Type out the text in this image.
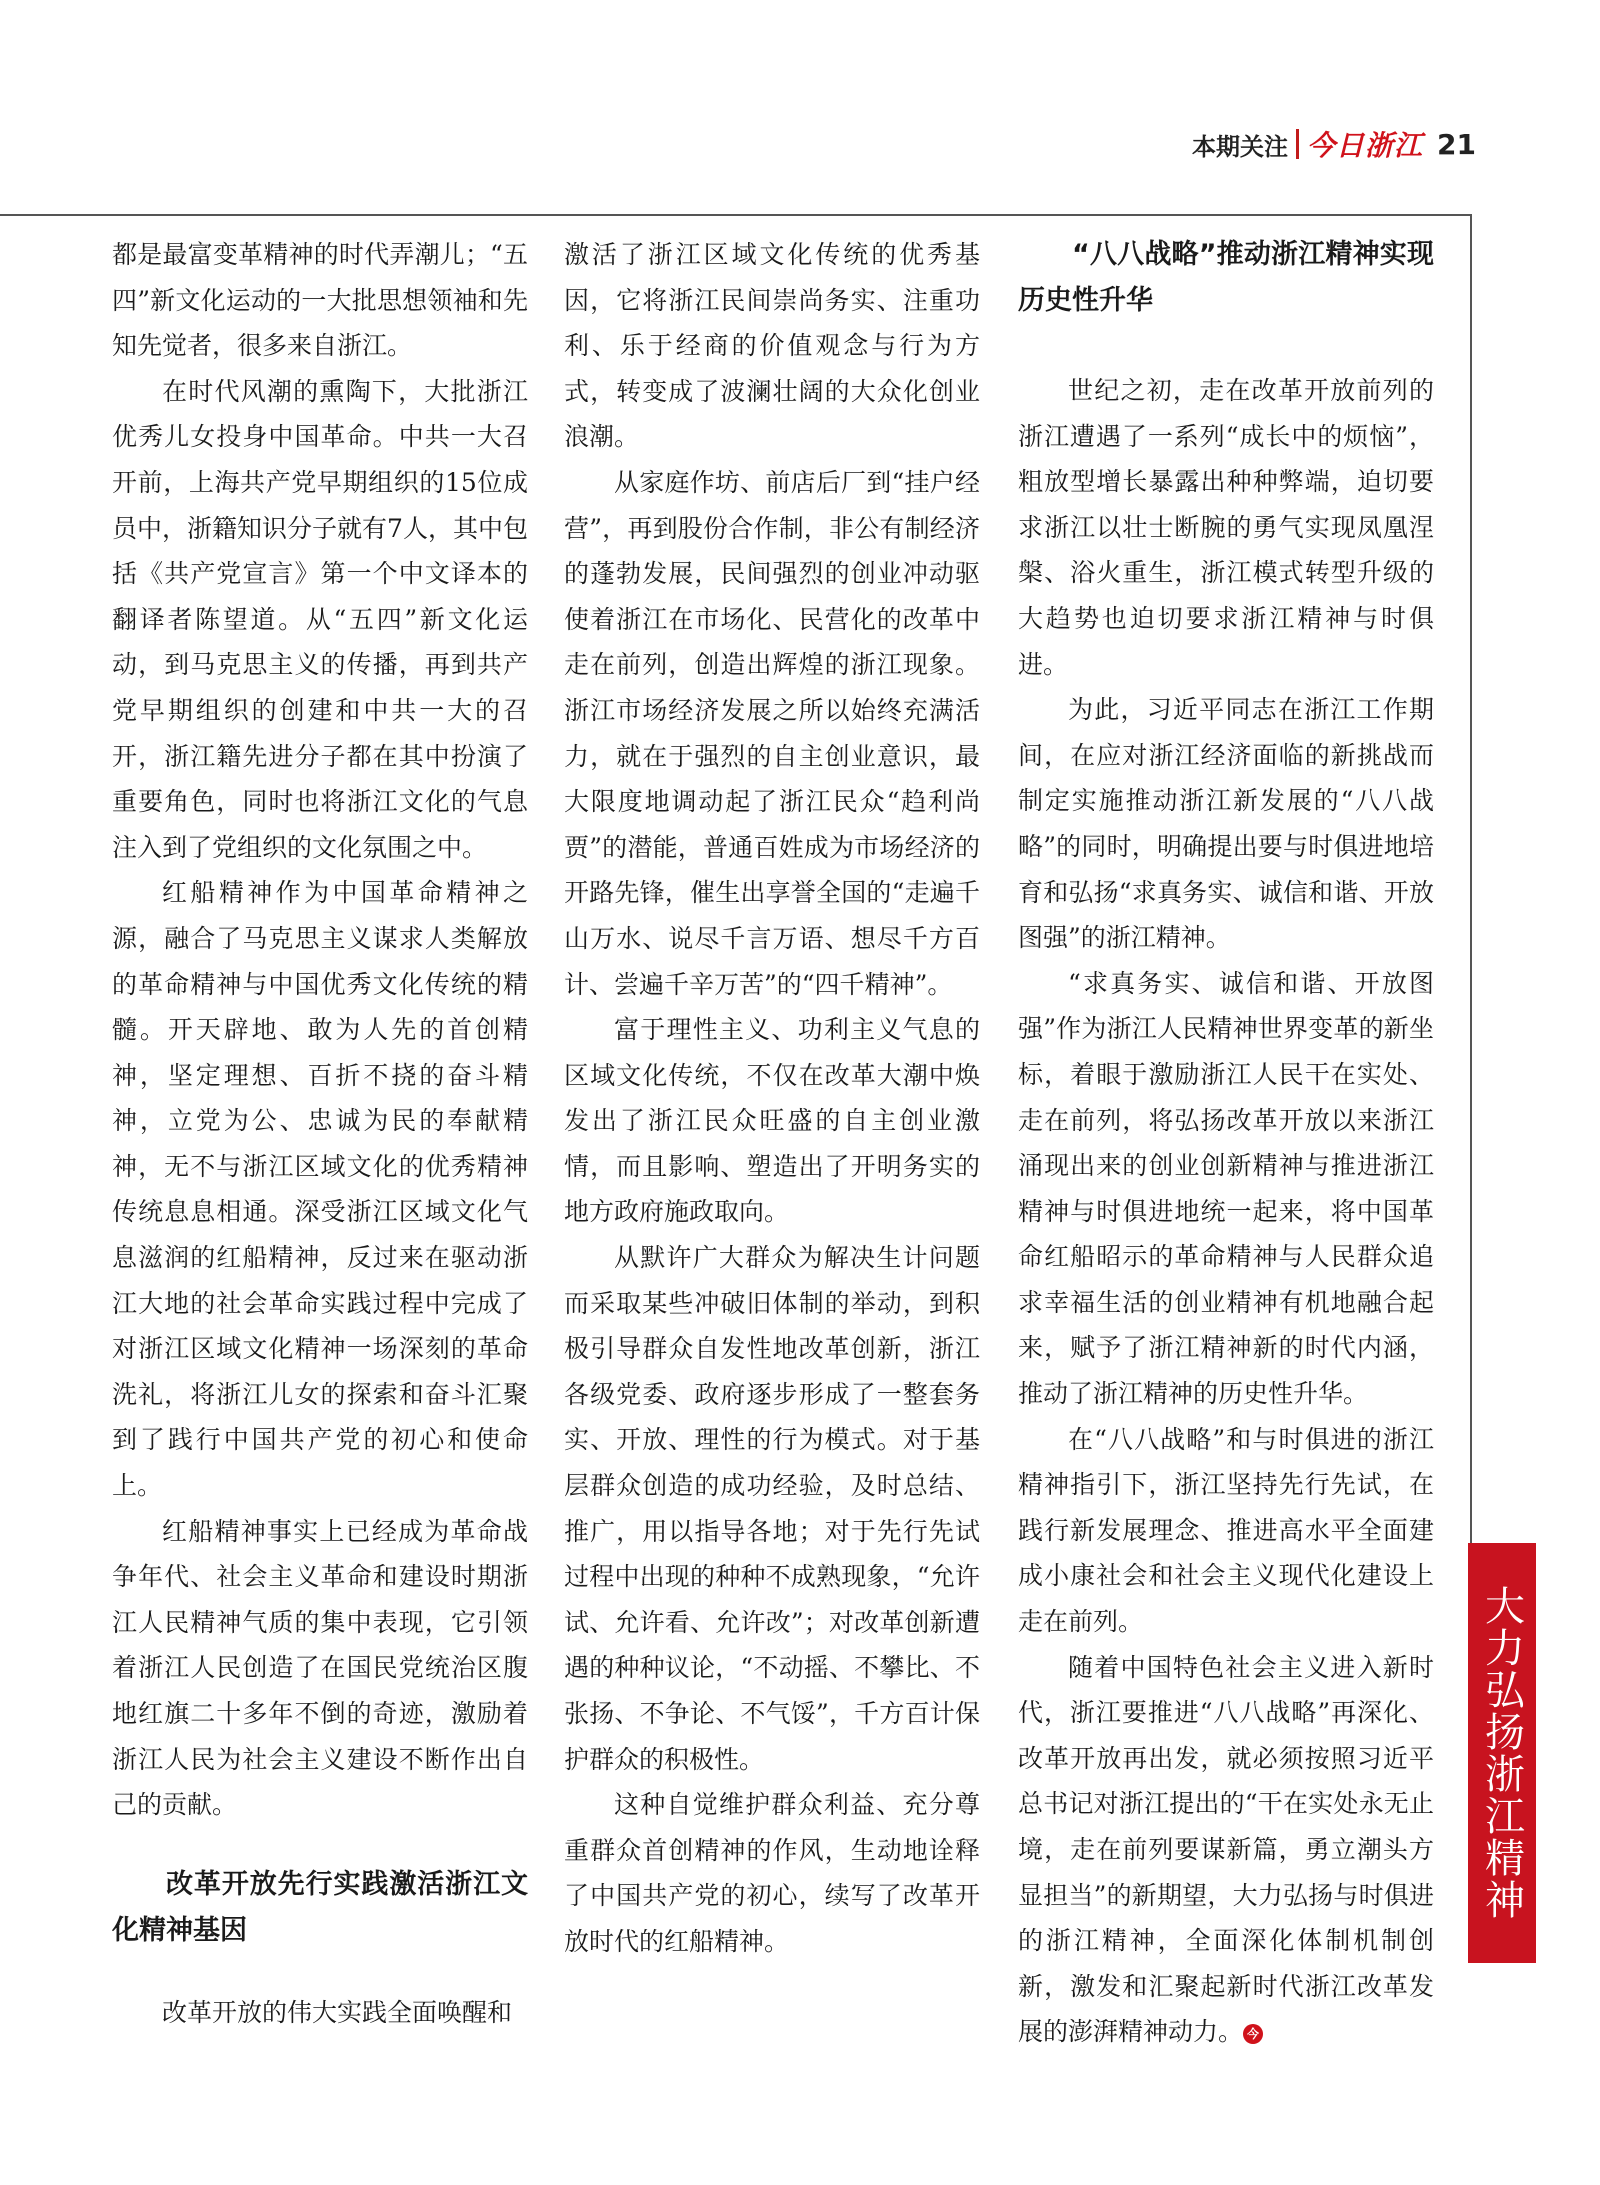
本期关注 今日浙江 21

都是最富变革精神的时代弄潮儿；“五四”新文化运动的一大批思想领袖和先知先觉者，很多来自浙江。

在时代风潮的熏陶下，大批浙江优秀儿女投身中国革命。中共一大召开前，上海共产党早期组织的15位成员中，浙籍知识分子就有7人，其中包括《共产党宣言》第一个中文译本的翻译者陈望道。从“五四”新文化运动，到马克思主义的传播，再到共产党早期组织的创建和中共一大的召开，浙江籍先进分子都在其中扮演了重要角色，同时也将浙江文化的气息注入到了党组织的文化氛围之中。

红船精神作为中国革命精神之源，融合了马克思主义谋求人类解放的革命精神与中国优秀文化传统的精髓。开天辟地、敢为人先的首创精神，坚定理想、百折不挠的奋斗精神，立党为公、忠诚为民的奉献精神，无不与浙江区域文化的优秀精神传统息息相通。深受浙江区域文化气息滋润的红船精神，反过来在驱动浙江大地的社会革命实践过程中完成了对浙江区域文化精神一场深刻的革命洗礼，将浙江儿女的探索和奋斗汇聚到了践行中国共产党的初心和使命上。

红船精神事实上已经成为革命战争年代、社会主义革命和建设时期浙江人民精神气质的集中表现，它引领着浙江人民创造了在国民党统治区腹地红旗二十多年不倒的奇迹，激励着浙江人民为社会主义建设不断作出自己的贡献。

改革开放先行实践激活浙江文化精神基因

改革开放的伟大实践全面唤醒和

激活了浙江区域文化传统的优秀基因，它将浙江民间崇尚务实、注重功利、乐于经商的价值观念与行为方式，转变成了波澜壮阔的大众化创业浪潮。

从家庭作坊、前店后厂到“挂户经营”，再到股份合作制，非公有制经济的蓬勃发展，民间强烈的创业冲动驱使着浙江在市场化、民营化的改革中走在前列，创造出辉煌的浙江现象。浙江市场经济发展之所以始终充满活力，就在于强烈的自主创业意识，最大限度地调动起了浙江民众“趋利尚贾”的潜能，普通百姓成为市场经济的开路先锋，催生出享誉全国的“走遍千山万水、说尽千言万语、想尽千方百计、尝遍千辛万苦”的“四千精神”。

富于理性主义、功利主义气息的区域文化传统，不仅在改革大潮中焕发出了浙江民众旺盛的自主创业激情，而且影响、塑造出了开明务实的地方政府施政取向。

从默许广大群众为解决生计问题而采取某些冲破旧体制的举动，到积极引导群众自发性地改革创新，浙江各级党委、政府逐步形成了一整套务实、开放、理性的行为模式。对于基层群众创造的成功经验，及时总结、推广，用以指导各地；对于先行先试过程中出现的种种不成熟现象，“允许试、允许看、允许改”；对改革创新遭遇的种种议论，“不动摇、不攀比、不张扬、不争论、不气馁”，千方百计保护群众的积极性。

这种自觉维护群众利益、充分尊重群众首创精神的作风，生动地诠释了中国共产党的初心，续写了改革开放时代的红船精神。

“八八战略”推动浙江精神实现历史性升华

世纪之初，走在改革开放前列的浙江遭遇了一系列“成长中的烦恼”，粗放型增长暴露出种种弊端，迫切要求浙江以壮士断腕的勇气实现凤凰涅槃、浴火重生，浙江模式转型升级的大趋势也迫切要求浙江精神与时俱进。

为此，习近平同志在浙江工作期间，在应对浙江经济面临的新挑战而制定实施推动浙江新发展的“八八战略”的同时，明确提出要与时俱进地培育和弘扬“求真务实、诚信和谐、开放图强”的浙江精神。

“求真务实、诚信和谐、开放图强”作为浙江人民精神世界变革的新坐标，着眼于激励浙江人民干在实处、走在前列，将弘扬改革开放以来浙江涌现出来的创业创新精神与推进浙江精神与时俱进地统一起来，将中国革命红船昭示的革命精神与人民群众追求幸福生活的创业精神有机地融合起来，赋予了浙江精神新的时代内涵，推动了浙江精神的历史性升华。

在“八八战略”和与时俱进的浙江精神指引下，浙江坚持先行先试，在践行新发展理念、推进高水平全面建成小康社会和社会主义现代化建设上走在前列。

随着中国特色社会主义进入新时代，浙江要推进“八八战略”再深化、改革开放再出发，就必须按照习近平总书记对浙江提出的“干在实处永无止境，走在前列要谋新篇，勇立潮头方显担当”的新期望，大力弘扬与时俱进的浙江精神，全面深化体制机制创新，激发和汇聚起新时代浙江改革发展的澎湃精神动力。 今

大力弘扬浙江精神
